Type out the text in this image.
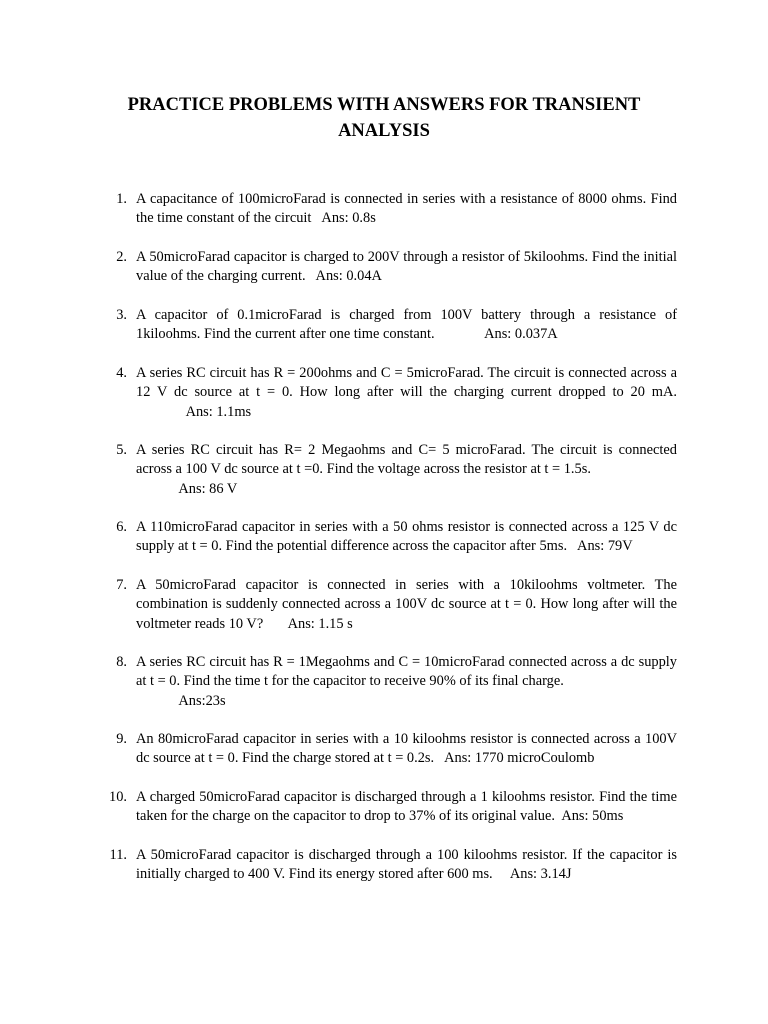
PRACTICE PROBLEMS WITH ANSWERS FOR TRANSIENT ANALYSIS
1. A capacitance of 100microFarad is connected in series with a resistance of 8000 ohms. Find the time constant of the circuit   Ans: 0.8s
2. A 50microFarad capacitor is charged to 200V through a resistor of 5kiloohms. Find the initial value of the charging current.   Ans: 0.04A
3. A capacitor of 0.1microFarad is charged from 100V battery through a resistance of 1kiloohms. Find the current after one time constant.              Ans: 0.037A
4. A series RC circuit has R = 200ohms and C = 5microFarad. The circuit is connected across a 12 V dc source at t = 0. How long after will the charging current dropped to 20 mA.              Ans: 1.1ms
5. A series RC circuit has R= 2 Megaohms and C= 5 microFarad. The circuit is connected across a 100 V dc source at t =0. Find the voltage across the resistor at t = 1.5s.
Ans: 86 V
6. A 110microFarad capacitor in series with a 50 ohms resistor is connected across a 125 V dc supply at t = 0. Find the potential difference across the capacitor after 5ms.   Ans: 79V
7. A 50microFarad capacitor is connected in series with a 10kiloohms voltmeter. The combination is suddenly connected across a 100V dc source at t = 0. How long after will the voltmeter reads 10 V?       Ans: 1.15 s
8. A series RC circuit has R = 1Megaohms and C = 10microFarad connected across a dc supply at t = 0. Find the time t for the capacitor to receive 90% of its final charge.
Ans:23s
9. An 80microFarad capacitor in series with a 10 kiloohms resistor is connected across a 100V dc source at t = 0. Find the charge stored at t = 0.2s.   Ans: 1770 microCoulomb
10. A charged 50microFarad capacitor is discharged through a 1 kiloohms resistor. Find the time taken for the charge on the capacitor to drop to 37% of its original value.  Ans: 50ms
11. A 50microFarad capacitor is discharged through a 100 kiloohms resistor. If the capacitor is initially charged to 400 V. Find its energy stored after 600 ms.     Ans: 3.14J
